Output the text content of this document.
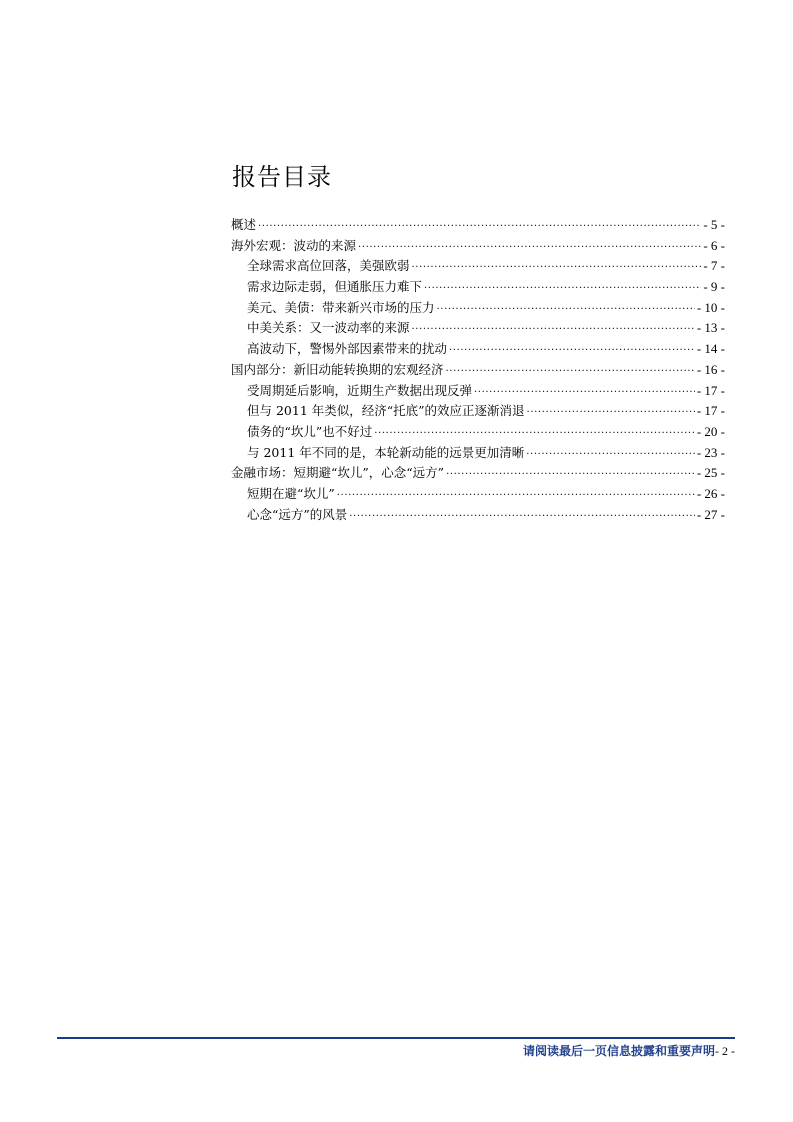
报告目录
概述 .....	- 5 -
海外宏观：波动的来源 .....	- 6 -
全球需求高位回落，美强欧弱 .....	- 7 -
需求边际走弱，但通胀压力难下 .....	- 9 -
美元、美债：带来新兴市场的压力 .....	- 10 -
中美关系：又一波动率的来源 .....	- 13 -
高波动下，警惕外部因素带来的扰动 .....	- 14 -
国内部分：新旧动能转换期的宏观经济 .....	- 16 -
受周期延后影响，近期生产数据出现反弹 .....	- 17 -
但与 2011 年类似，经济“托底”的效应正逐渐消退 .....	- 17 -
债务的“坎儿”也不好过 .....	- 20 -
与 2011 年不同的是，本轮新动能的远景更加清晰 .....	- 23 -
金融市场：短期避“坎儿”，心念“远方” .....	- 25 -
短期在避“坎儿” .....	- 26 -
心念“远方”的风景 .....	- 27 -
请阅读最后一页信息披露和重要声明- 2 -
